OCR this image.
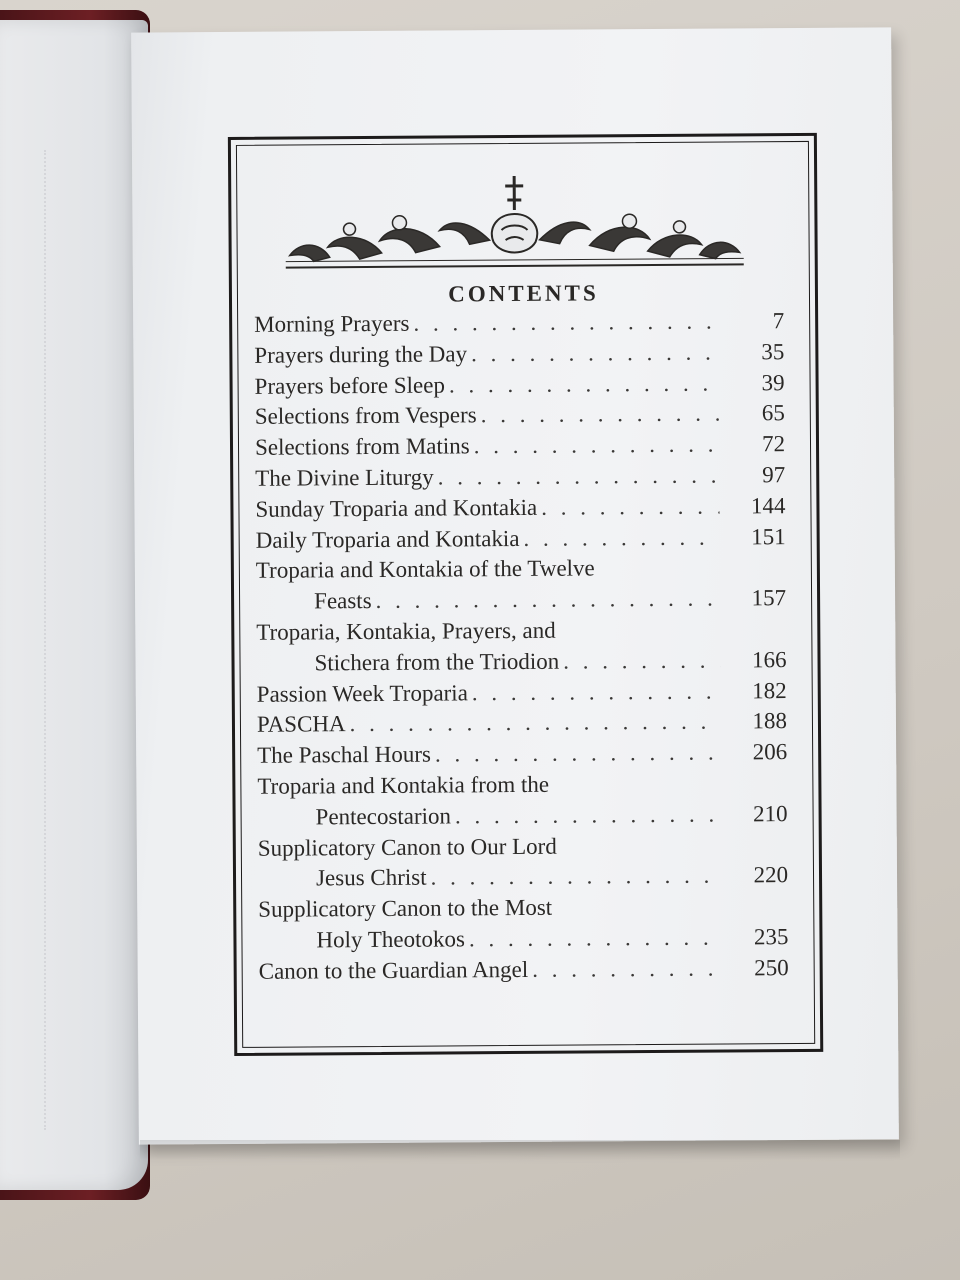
CONTENTS
Morning Prayers . . .	7
Prayers during the Day . . .	35
Prayers before Sleep . . .	39
Selections from Vespers . . .	65
Selections from Matins . . .	72
The Divine Liturgy . . .	97
Sunday Troparia and Kontakia . . .	144
Daily Troparia and Kontakia . . .	151
Troparia and Kontakia of the Twelve
Feasts . . .	157
Troparia, Kontakia, Prayers, and
Stichera from the Triodion . . .	166
Passion Week Troparia . . .	182
PASCHA . . .	188
The Paschal Hours . . .	206
Troparia and Kontakia from the
Pentecostarion . . .	210
Supplicatory Canon to Our Lord
Jesus Christ . . .	220
Supplicatory Canon to the Most
Holy Theotokos . . .	235
Canon to the Guardian Angel . . .	250
